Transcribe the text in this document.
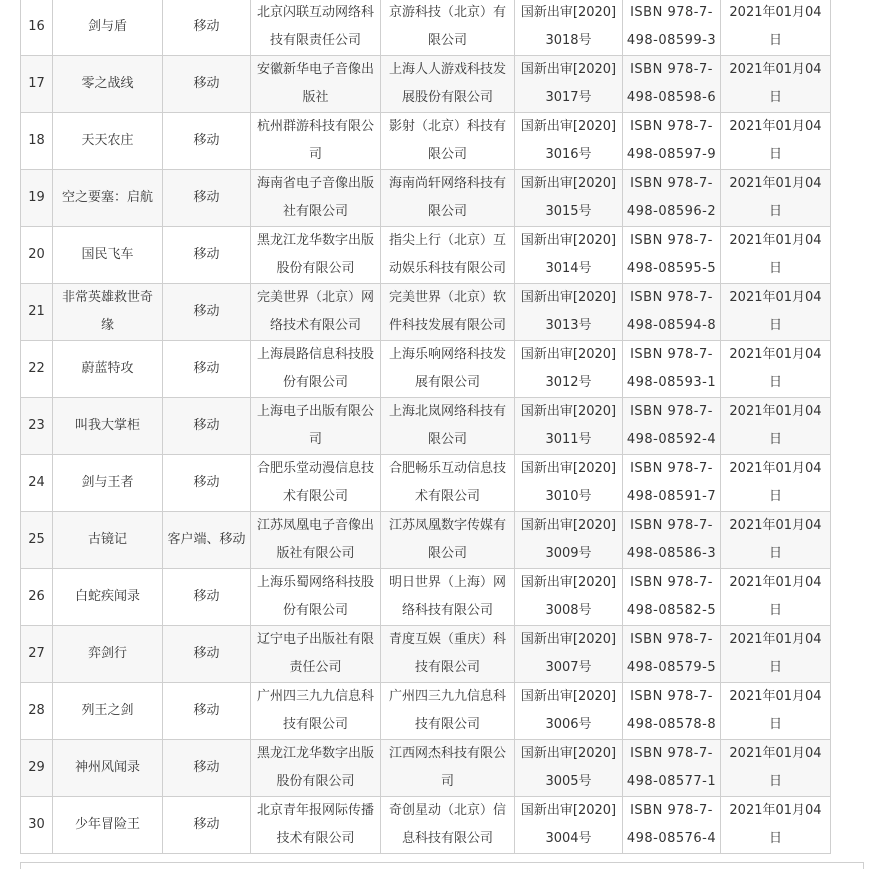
16	剑与盾	移动	北京闪联互动网络科技有限责任公司	京游科技（北京）有限公司	国新出审[2020]3018号	ISBN 978-7-498-08599-3	2021年01月04日
17	零之战线	移动	安徽新华电子音像出版社	上海人人游戏科技发展股份有限公司	国新出审[2020]3017号	ISBN 978-7-498-08598-6	2021年01月04日
18	天天农庄	移动	杭州群游科技有限公司	影射（北京）科技有限公司	国新出审[2020]3016号	ISBN 978-7-498-08597-9	2021年01月04日
19	空之要塞：启航	移动	海南省电子音像出版社有限公司	海南尚轩网络科技有限公司	国新出审[2020]3015号	ISBN 978-7-498-08596-2	2021年01月04日
20	国民飞车	移动	黑龙江龙华数字出版股份有限公司	指尖上行（北京）互动娱乐科技有限公司	国新出审[2020]3014号	ISBN 978-7-498-08595-5	2021年01月04日
21	非常英雄救世奇缘	移动	完美世界（北京）网络技术有限公司	完美世界（北京）软件科技发展有限公司	国新出审[2020]3013号	ISBN 978-7-498-08594-8	2021年01月04日
22	蔚蓝特攻	移动	上海晨路信息科技股份有限公司	上海乐响网络科技发展有限公司	国新出审[2020]3012号	ISBN 978-7-498-08593-1	2021年01月04日
23	叫我大掌柜	移动	上海电子出版有限公司	上海北岚网络科技有限公司	国新出审[2020]3011号	ISBN 978-7-498-08592-4	2021年01月04日
24	剑与王者	移动	合肥乐堂动漫信息技术有限公司	合肥畅乐互动信息技术有限公司	国新出审[2020]3010号	ISBN 978-7-498-08591-7	2021年01月04日
25	古镜记	客户端、移动	江苏凤凰电子音像出版社有限公司	江苏凤凰数字传媒有限公司	国新出审[2020]3009号	ISBN 978-7-498-08586-3	2021年01月04日
26	白蛇疾闻录	移动	上海乐蜀网络科技股份有限公司	明日世界（上海）网络科技有限公司	国新出审[2020]3008号	ISBN 978-7-498-08582-5	2021年01月04日
27	弈剑行	移动	辽宁电子出版社有限责任公司	青度互娱（重庆）科技有限公司	国新出审[2020]3007号	ISBN 978-7-498-08579-5	2021年01月04日
28	列王之剑	移动	广州四三九九信息科技有限公司	广州四三九九信息科技有限公司	国新出审[2020]3006号	ISBN 978-7-498-08578-8	2021年01月04日
29	神州风闻录	移动	黑龙江龙华数字出版股份有限公司	江西网杰科技有限公司	国新出审[2020]3005号	ISBN 978-7-498-08577-1	2021年01月04日
30	少年冒险王	移动	北京青年报网际传播技术有限公司	奇创星动（北京）信息科技有限公司	国新出审[2020]3004号	ISBN 978-7-498-08576-4	2021年01月04日
